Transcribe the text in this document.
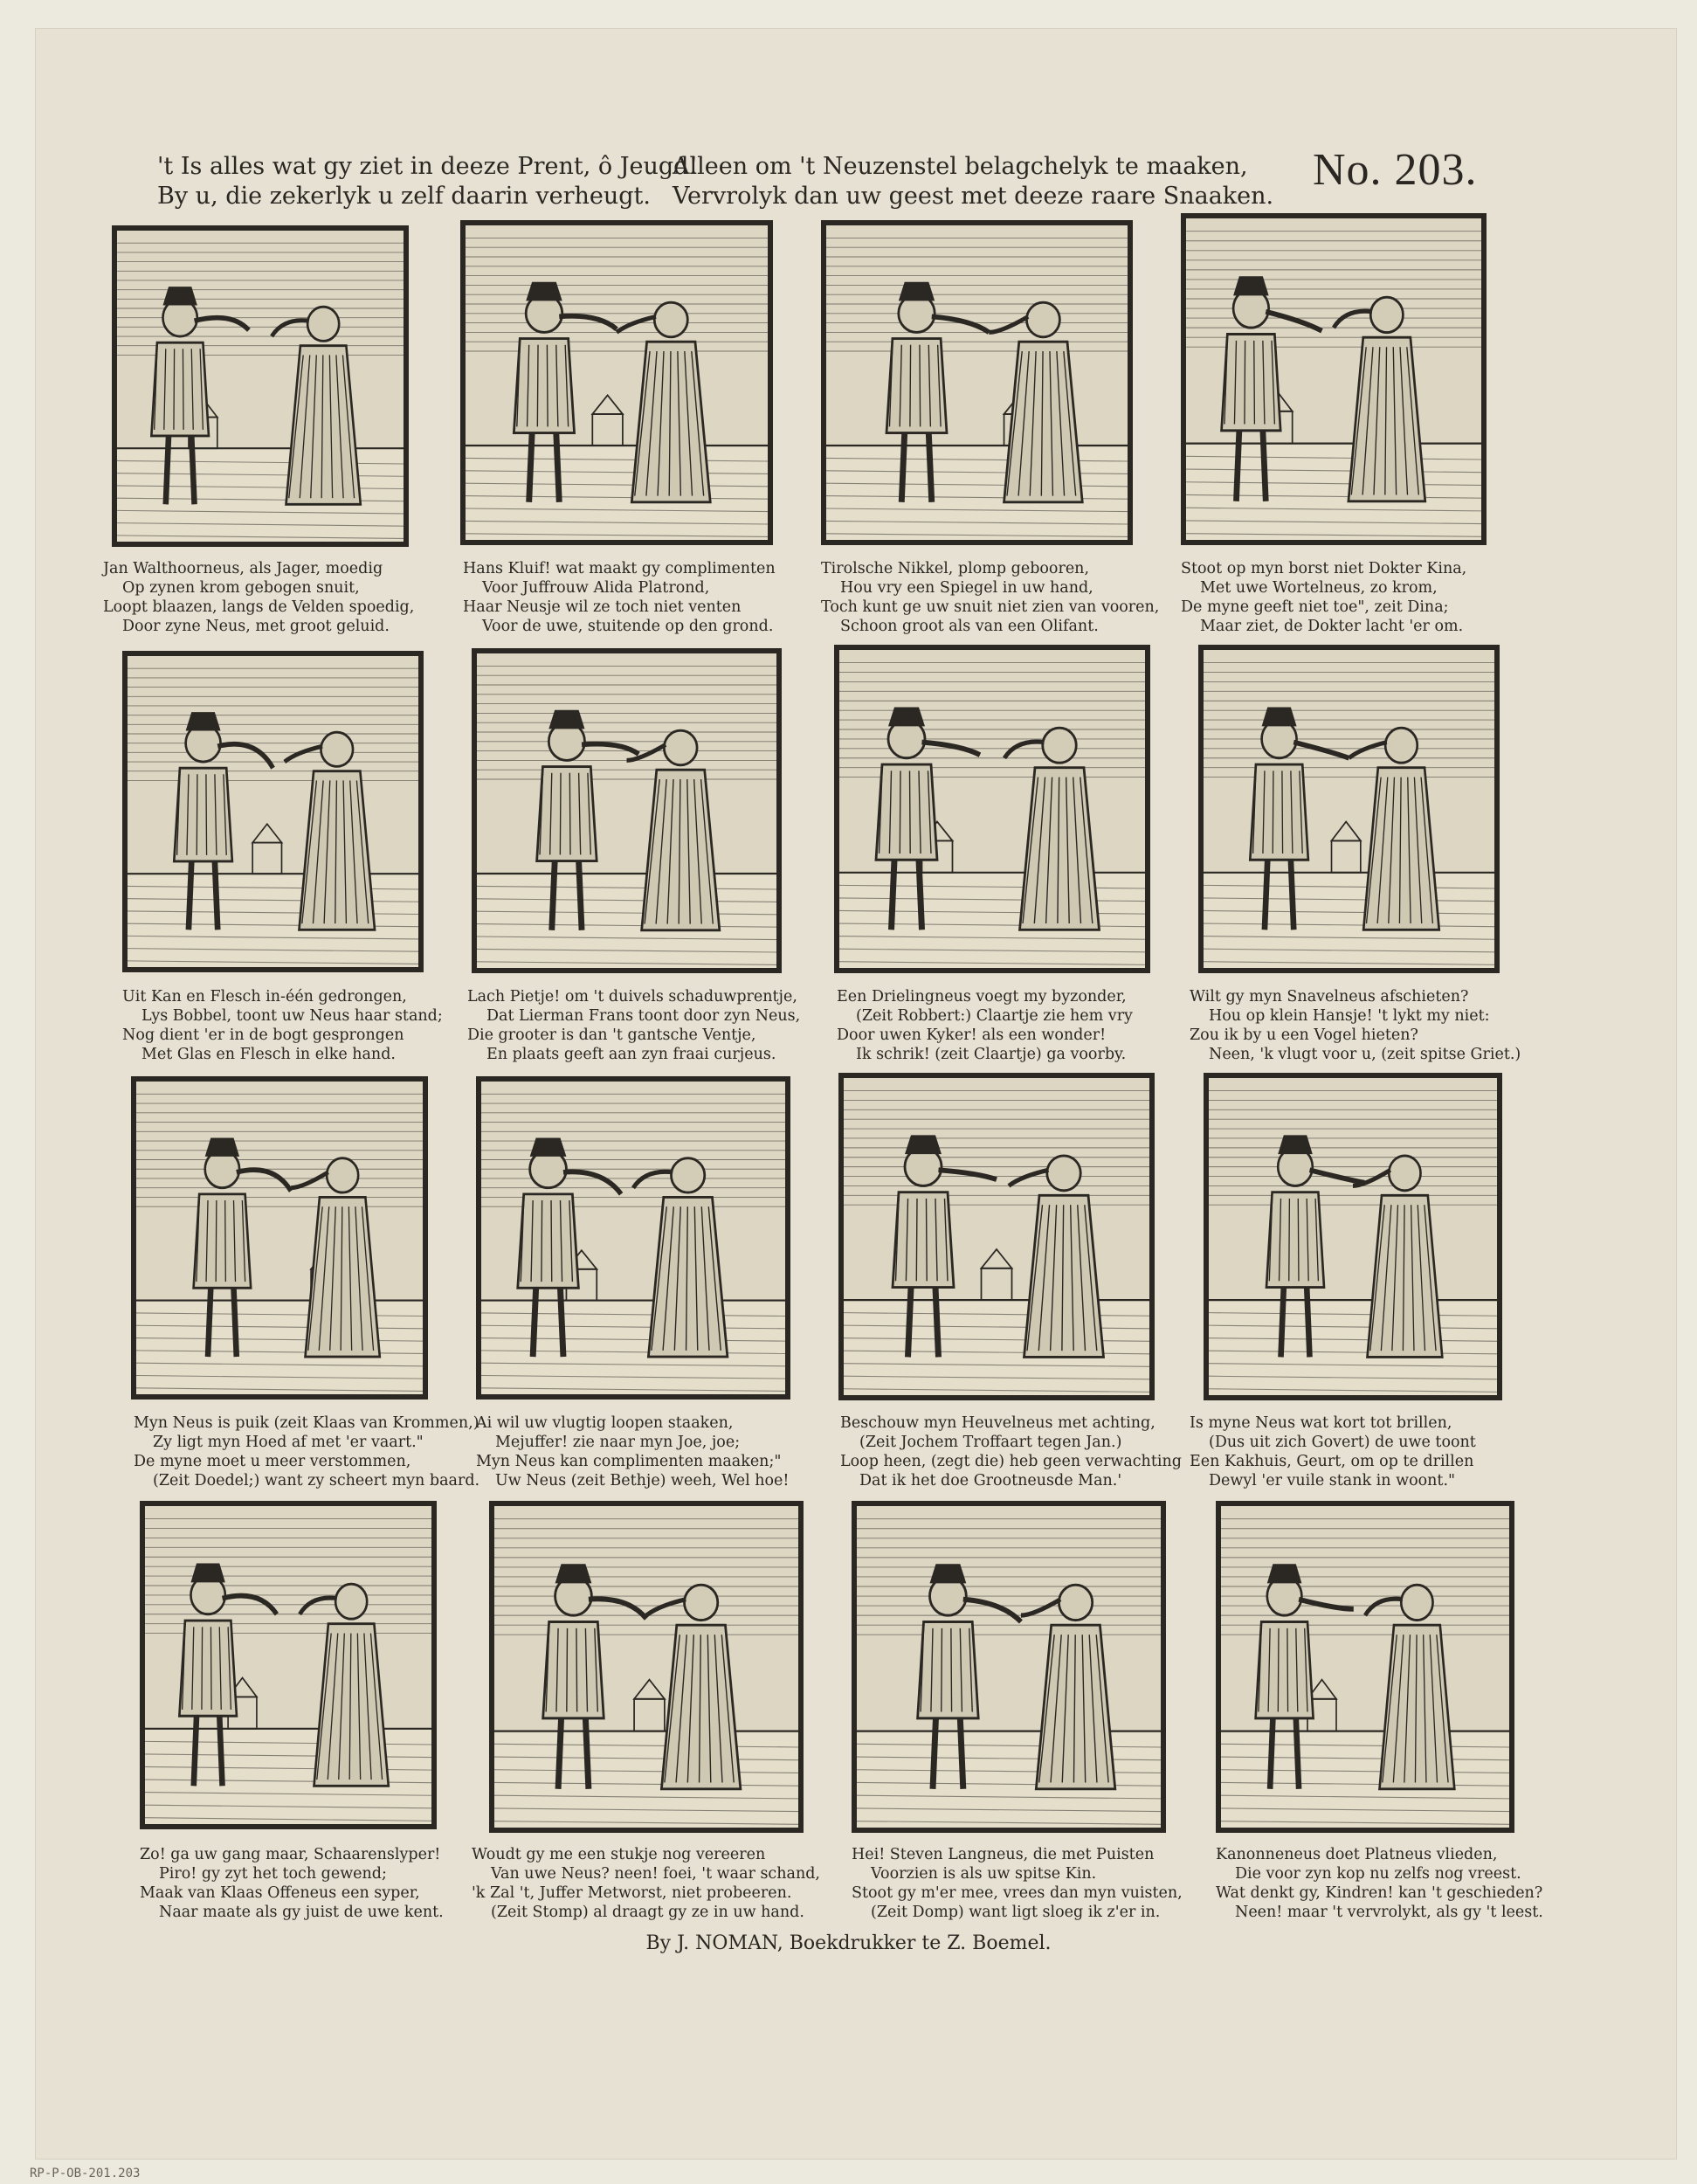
't Is alles wat gy ziet in deeze Prent, ô Jeugd!
By u, die zekerlyk u zelf daarin verheugt.
Alleen om 't Neuzenstel belagchelyk te maaken,
Vervrolyk dan uw geest met deeze raare Snaaken.
No. 203.
Jan Walthoorneus, als Jager, moedig
Op zynen krom gebogen snuit,
Loopt blaazen, langs de Velden spoedig,
Door zyne Neus, met groot geluid.
Hans Kluif! wat maakt gy complimenten
Voor Juffrouw Alida Platrond,
Haar Neusje wil ze toch niet venten
Voor de uwe, stuitende op den grond.
Tirolsche Nikkel, plomp gebooren,
Hou vry een Spiegel in uw hand,
Toch kunt ge uw snuit niet zien van vooren,
Schoon groot als van een Olifant.
Stoot op myn borst niet Dokter Kina,
Met uwe Wortelneus, zo krom,
De myne geeft niet toe", zeit Dina;
Maar ziet, de Dokter lacht 'er om.
Uit Kan en Flesch in-één gedrongen,
Lys Bobbel, toont uw Neus haar stand;
Nog dient 'er in de bogt gesprongen
Met Glas en Flesch in elke hand.
Lach Pietje! om 't duivels schaduwprentje,
Dat Lierman Frans toont door zyn Neus,
Die grooter is dan 't gantsche Ventje,
En plaats geeft aan zyn fraai curjeus.
Een Drielingneus voegt my byzonder,
(Zeit Robbert:) Claartje zie hem vry
Door uwen Kyker! als een wonder!
Ik schrik! (zeit Claartje) ga voorby.
Wilt gy myn Snavelneus afschieten?
Hou op klein Hansje! 't lykt my niet:
Zou ik by u een Vogel hieten?
Neen, 'k vlugt voor u, (zeit spitse Griet.)
Myn Neus is puik (zeit Klaas van Krommen,)
Zy ligt myn Hoed af met 'er vaart."
De myne moet u meer verstommen,
(Zeit Doedel;) want zy scheert myn baard.
Ai wil uw vlugtig loopen staaken,
Mejuffer! zie naar myn Joe, joe;
Myn Neus kan complimenten maaken;"
Uw Neus (zeit Bethje) weeh, Wel hoe!
Beschouw myn Heuvelneus met achting,
(Zeit Jochem Troffaart tegen Jan.)
Loop heen, (zegt die) heb geen verwachting
Dat ik het doe Grootneusde Man.'
Is myne Neus wat kort tot brillen,
(Dus uit zich Govert) de uwe toont
Een Kakhuis, Geurt, om op te drillen
Dewyl 'er vuile stank in woont."
Zo! ga uw gang maar, Schaarenslyper!
Piro! gy zyt het toch gewend;
Maak van Klaas Offeneus een syper,
Naar maate als gy juist de uwe kent.
Woudt gy me een stukje nog vereeren
Van uwe Neus? neen! foei, 't waar schand,
'k Zal 't, Juffer Metworst, niet probeeren.
(Zeit Stomp) al draagt gy ze in uw hand.
Hei! Steven Langneus, die met Puisten
Voorzien is als uw spitse Kin.
Stoot gy m'er mee, vrees dan myn vuisten,
(Zeit Domp) want ligt sloeg ik z'er in.
Kanonneneus doet Platneus vlieden,
Die voor zyn kop nu zelfs nog vreest.
Wat denkt gy, Kindren! kan 't geschieden?
Neen! maar 't vervrolykt, als gy 't leest.
By J. NOMAN, Boekdrukker te Z. Boemel.
RP-P-OB-201.203
